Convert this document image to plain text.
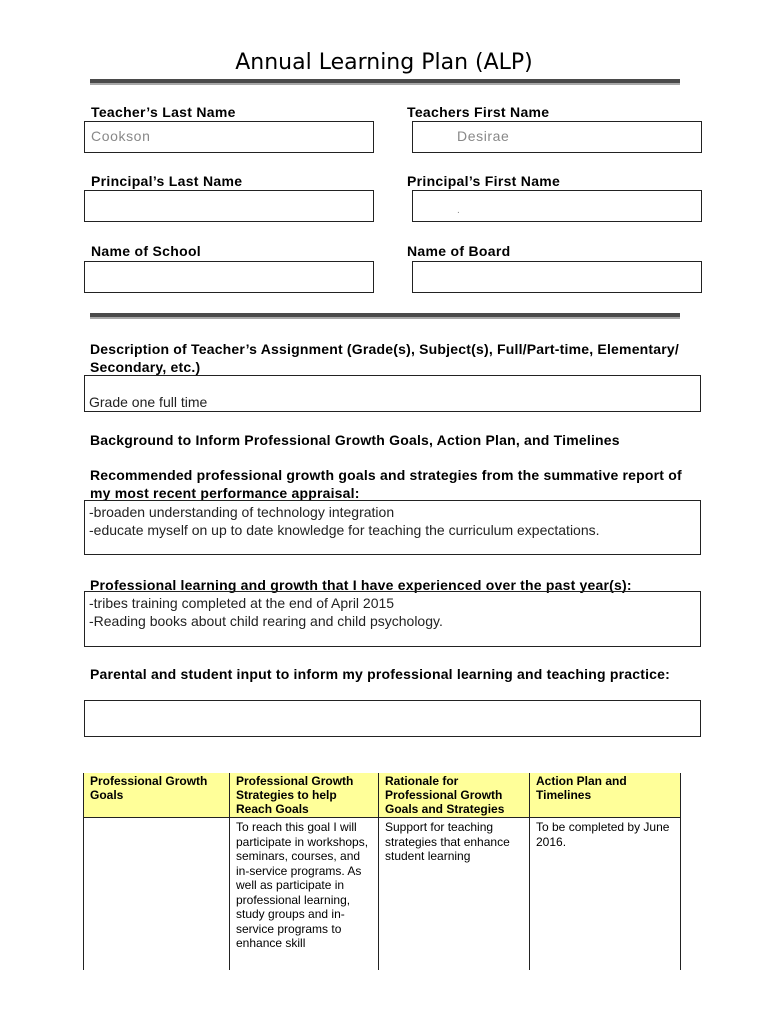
Annual Learning Plan (ALP)
Teacher’s Last Name	Teachers First Name
Cookson	Desirae
Principal’s Last Name	Principal’s First Name
.
Name of School	Name of Board
Description of Teacher’s Assignment (Grade(s), Subject(s), Full/Part-time, Elementary/ Secondary, etc.)
Grade one full time
Background to Inform Professional Growth Goals, Action Plan, and Timelines
Recommended professional growth goals and strategies from the summative report of my most recent performance appraisal:
-broaden understanding of technology integration
-educate myself on up to date knowledge for teaching the curriculum expectations.
Professional learning and growth that I have experienced over the past year(s):
-tribes training completed at the end of April 2015
-Reading books about child rearing and child psychology.
Parental and student input to inform my professional learning and teaching practice:
Professional Growth Goals	Professional Growth Strategies to help Reach Goals	Rationale for Professional Growth Goals and Strategies	Action Plan and Timelines
	To reach this goal I will participate in workshops, seminars, courses, and in-service programs. As well as participate in professional learning, study groups and in-service programs to enhance skill	Support for teaching strategies that enhance student learning	To be completed by June 2016.
